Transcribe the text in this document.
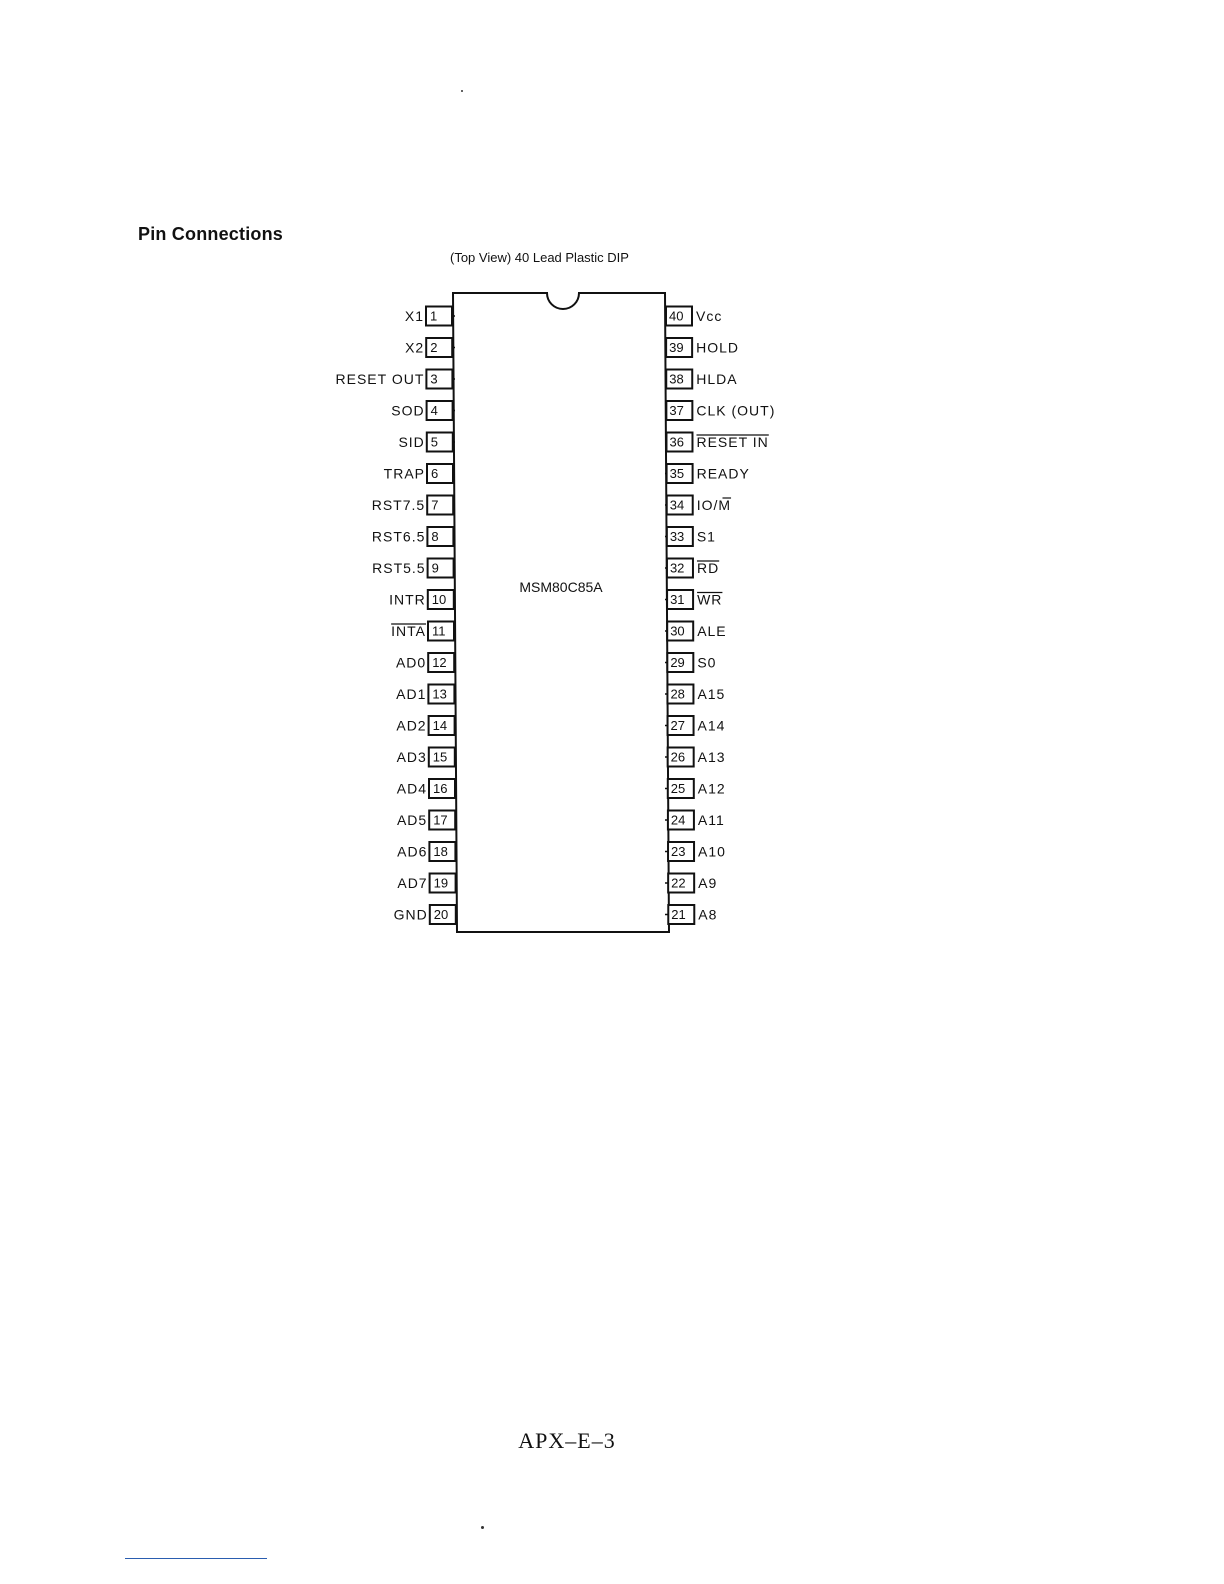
Pin Connections
(Top View) 40 Lead Plastic DIP
MSM80C85A
1
X1
2
X2
3
RESET OUT
4
SOD
5
SID
6
TRAP
7
RST7.5
8
RST6.5
9
RST5.5
10
INTR
11
INTA
12
AD0
13
AD1
14
AD2
15
AD3
16
AD4
17
AD5
18
AD6
19
AD7
20
GND
40 Vcc
39 HOLD
38 HLDA
37 CLK (OUT)
36 RESET IN
35 READY
34 IO/M
33 S1
32 RD
31 WR
30 ALE
29 S0
28 A15
27 A14
26 A13
25 A12
24 A11
23 A10
22 A9
21 A8
APX–E–3
